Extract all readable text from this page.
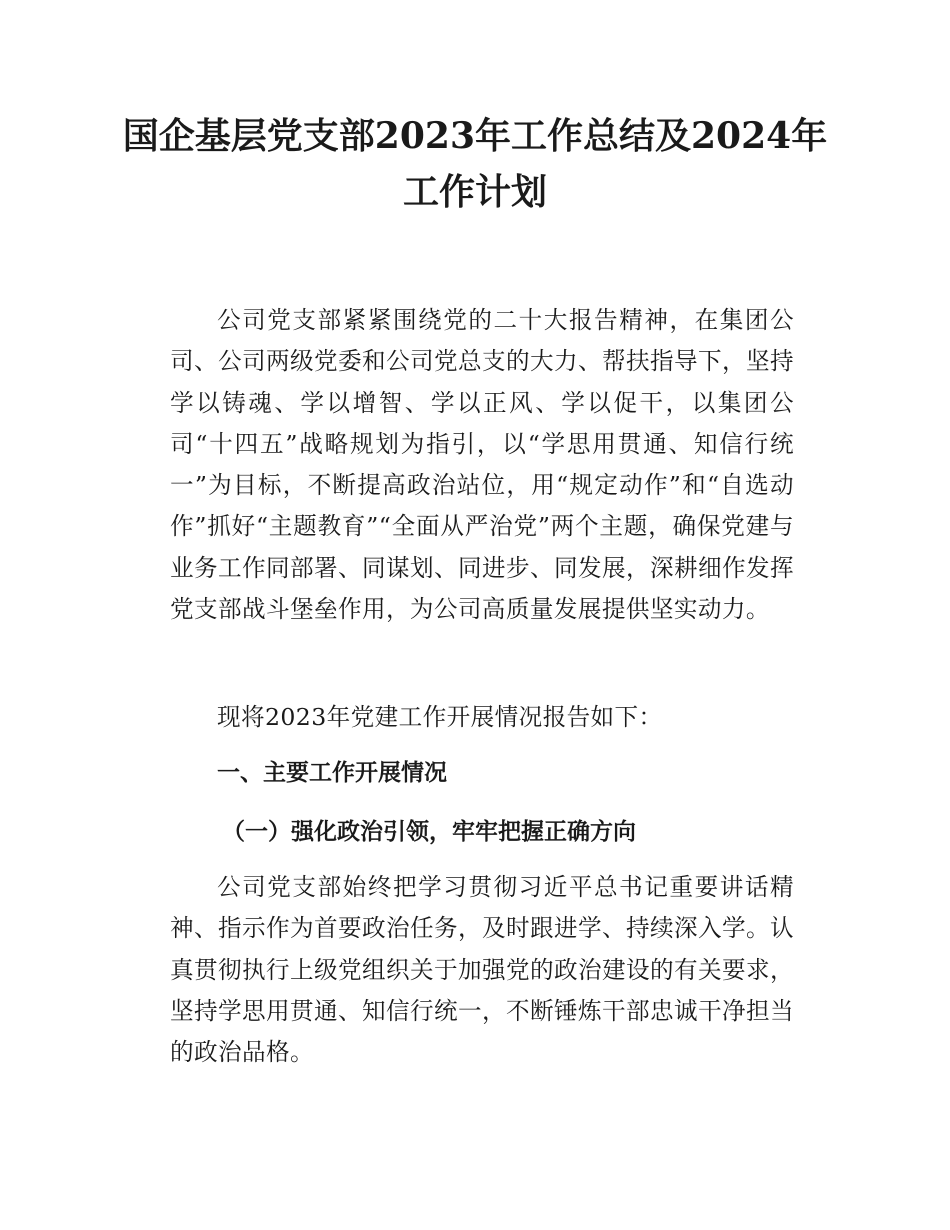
国企基层党支部2023年工作总结及2024年
工作计划

公司党支部紧紧围绕党的二十大报告精神，在集团公司、公司两级党委和公司党总支的大力、帮扶指导下，坚持学以铸魂、学以增智、学以正风、学以促干，以集团公司“十四五”战略规划为指引，以“学思用贯通、知信行统一”为目标，不断提高政治站位，用“规定动作”和“自选动作”抓好“主题教育”“全面从严治党”两个主题，确保党建与业务工作同部署、同谋划、同进步、同发展，深耕细作发挥党支部战斗堡垒作用，为公司高质量发展提供坚实动力。

现将2023年党建工作开展情况报告如下：

一、主要工作开展情况
（一）强化政治引领，牢牢把握正确方向

公司党支部始终把学习贯彻习近平总书记重要讲话精神、指示作为首要政治任务，及时跟进学、持续深入学。认真贯彻执行上级党组织关于加强党的政治建设的有关要求，坚持学思用贯通、知信行统一，不断锤炼干部忠诚干净担当的政治品格。
